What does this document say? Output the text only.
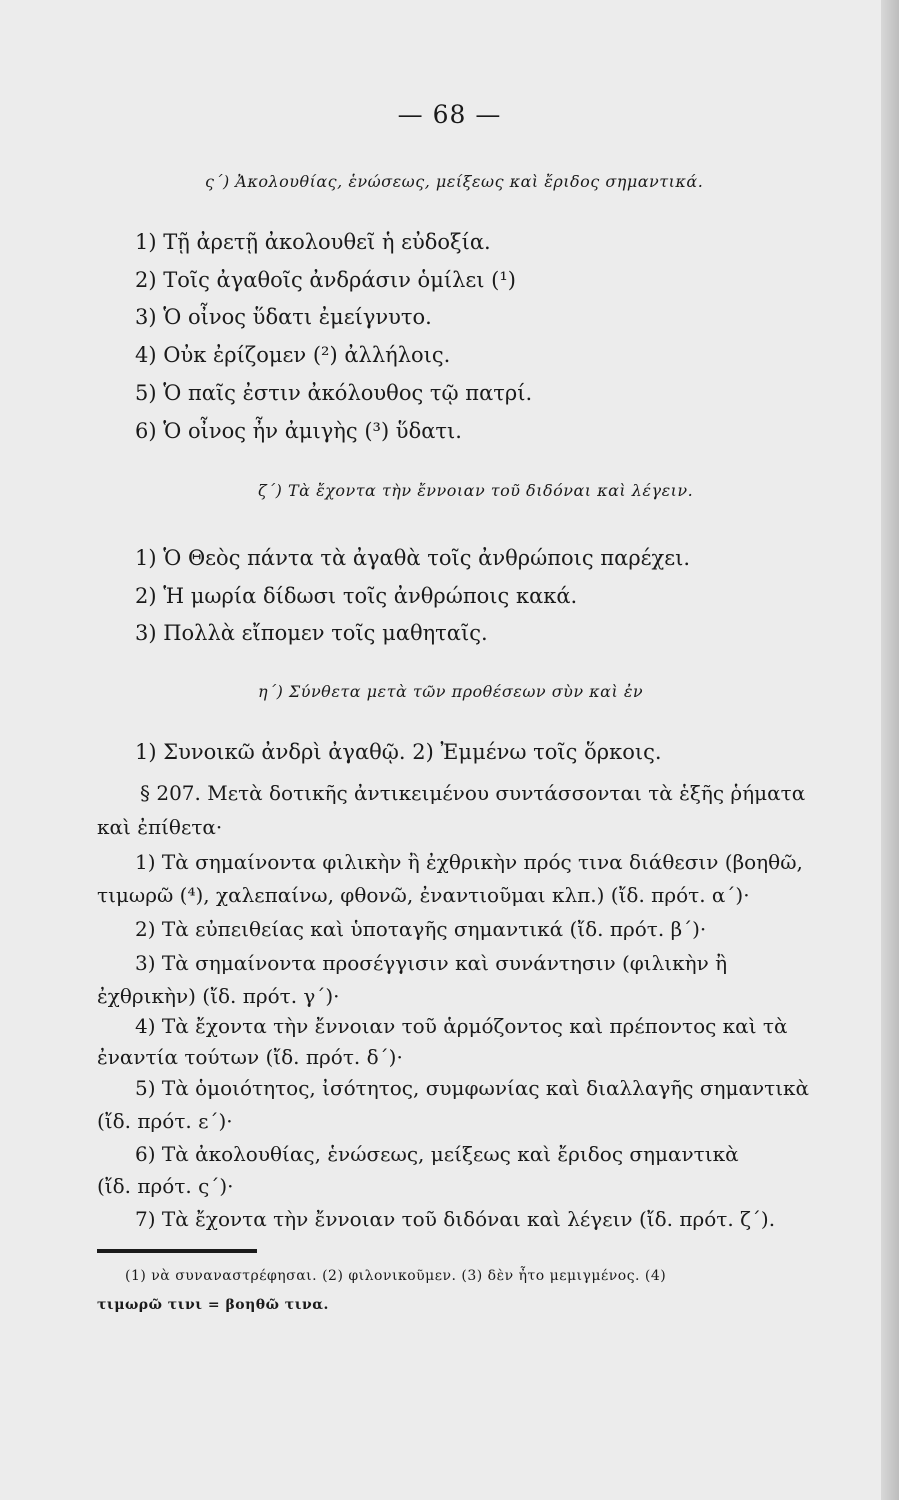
— 68 —
ς΄) Ἀκολουθίας, ἑνώσεως, μείξεως καὶ ἔριδος σημαντικά.
1) Τῇ ἀρετῇ ἀκολουθεῖ ἡ εὐδοξία.
2) Τοῖς ἀγαθοῖς ἀνδράσιν ὁμίλει (¹)
3) Ὁ οἶνος ὕδατι ἐμείγνυτο.
4) Οὐκ ἐρίζομεν (²) ἀλλήλοις.
5) Ὁ παῖς ἐστιν ἀκόλουθος τῷ πατρί.
6) Ὁ οἶνος ἦν ἀμιγὴς (³) ὕδατι.
ζ΄) Τὰ ἔχοντα τὴν ἔννοιαν τοῦ διδόναι καὶ λέγειν.
1) Ὁ Θεὸς πάντα τὰ ἀγαθὰ τοῖς ἀνθρώποις παρέχει.
2) Ἡ μωρία δίδωσι τοῖς ἀνθρώποις κακά.
3) Πολλὰ εἴπομεν τοῖς μαθηταῖς.
η΄) Σύνθετα μετὰ τῶν προθέσεων σὺν καὶ ἐν
1) Συνοικῶ ἀνδρὶ ἀγαθῷ. 2) Ἐμμένω τοῖς ὅρκοις.
§ 207. Μετὰ δοτικῆς ἀντικειμένου συντάσσονται τὰ ἑξῆς ῥήματα
καὶ ἐπίθετα·
1) Τὰ σημαίνοντα φιλικὴν ἢ ἐχθρικὴν πρός τινα διάθεσιν (βοηθῶ,
τιμωρῶ (⁴), χαλεπαίνω, φθονῶ, ἐναντιοῦμαι κλπ.) (ἴδ. πρότ. α΄)·
2) Τὰ εὐπειθείας καὶ ὑποταγῆς σημαντικά (ἴδ. πρότ. β΄)·
3) Τὰ σημαίνοντα προσέγγισιν καὶ συνάντησιν (φιλικὴν ἢ
ἐχθρικὴν) (ἴδ. πρότ. γ΄)·
4) Τὰ ἔχοντα τὴν ἔννοιαν τοῦ ἁρμόζοντος καὶ πρέποντος καὶ τὰ
ἐναντία τούτων (ἴδ. πρότ. δ΄)·
5) Τὰ ὁμοιότητος, ἰσότητος, συμφωνίας καὶ διαλλαγῆς σημαντικὰ
(ἴδ. πρότ. ε΄)·
6) Τὰ ἀκολουθίας, ἑνώσεως, μείξεως καὶ ἔριδος σημαντικὰ
(ἴδ. πρότ. ς΄)·
7) Τὰ ἔχοντα τὴν ἔννοιαν τοῦ διδόναι καὶ λέγειν (ἴδ. πρότ. ζ΄).
(1) νὰ συναναστρέφησαι. (2) φιλονικοῦμεν. (3) δὲν ἦτο μεμιγμένος. (4)
τιμωρῶ τινι = βοηθῶ τινα.
